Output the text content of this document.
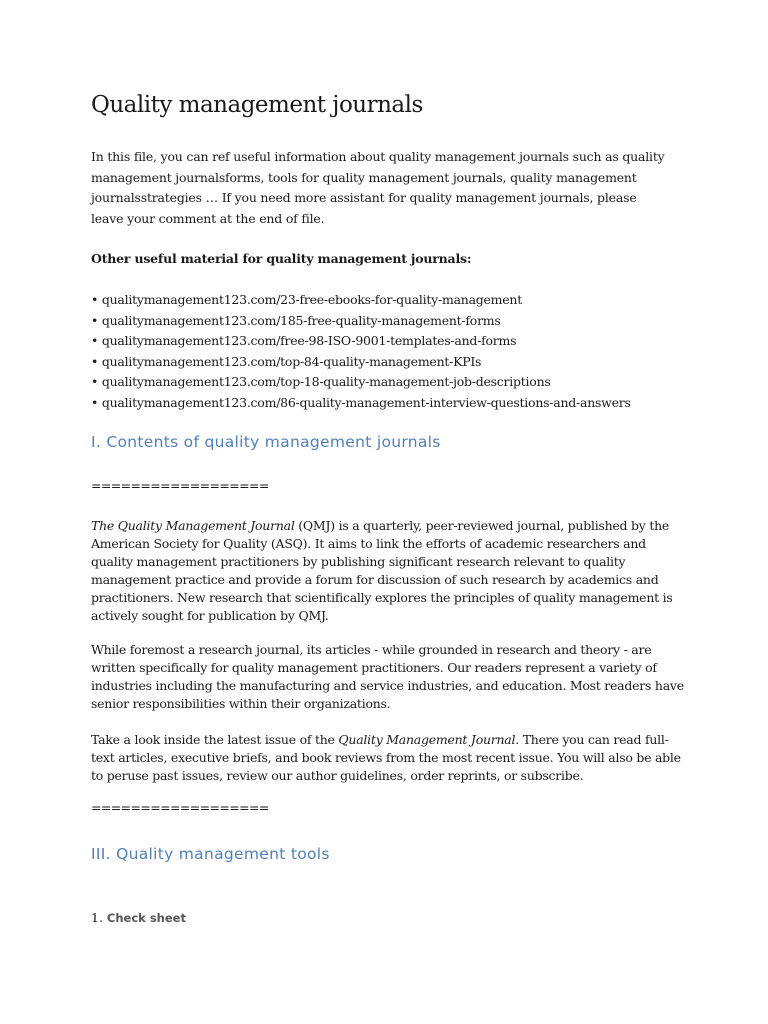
Quality management journals

In this file, you can ref useful information about quality management journals such as quality management journalsforms, tools for quality management journals, quality management journalsstrategies … If you need more assistant for quality management journals, please leave your comment at the end of file.

Other useful material for quality management journals:

• qualitymanagement123.com/23-free-ebooks-for-quality-management
• qualitymanagement123.com/185-free-quality-management-forms
• qualitymanagement123.com/free-98-ISO-9001-templates-and-forms
• qualitymanagement123.com/top-84-quality-management-KPIs
• qualitymanagement123.com/top-18-quality-management-job-descriptions
• qualitymanagement123.com/86-quality-management-interview-questions-and-answers
I. Contents of quality management journals

==================

The Quality Management Journal (QMJ) is a quarterly, peer-reviewed journal, published by the American Society for Quality (ASQ). It aims to link the efforts of academic researchers and quality management practitioners by publishing significant research relevant to quality management practice and provide a forum for discussion of such research by academics and practitioners. New research that scientifically explores the principles of quality management is actively sought for publication by QMJ.

While foremost a research journal, its articles - while grounded in research and theory - are written specifically for quality management practitioners. Our readers represent a variety of industries including the manufacturing and service industries, and education. Most readers have senior responsibilities within their organizations.

Take a look inside the latest issue of the Quality Management Journal. There you can read full-text articles, executive briefs, and book reviews from the most recent issue. You will also be able to peruse past issues, review our author guidelines, order reprints, or subscribe.

==================

III. Quality management tools

1. Check sheet
